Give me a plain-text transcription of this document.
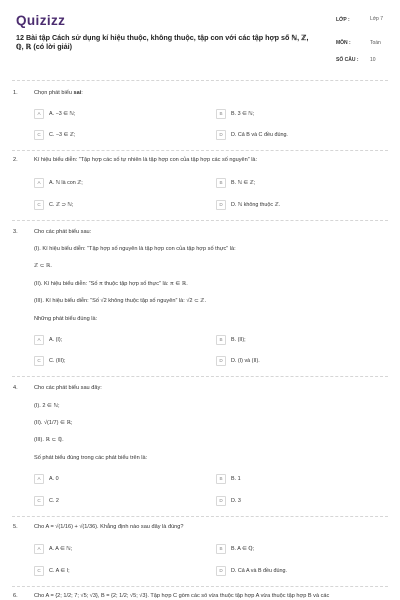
Quizizz
12 Bài tập Cách sử dụng kí hiệu thuộc, không thuộc, tập con với các tập hợp số ℕ, ℤ, ℚ, ℝ (có lời giải)
LỚP :	Lớp 7
MÔN :	Toán
SỐ CÂU : 10
1.	Chọn phát biểu sai:
A	A. −3 ∈ ℕ;	B	B. 3 ∈ ℕ;
C	C. −3 ∈ ℤ;	D	D. Cả B và C đều đúng.
2.	Kí hiệu biểu diễn: “Tập hợp các số tự nhiên là tập hợp con của tập hợp các số nguyên” là:
A	A. ℕ là con ℤ;	B	B. ℕ ∈ ℤ;
C	C. ℤ ⊃ ℕ;	D	D. ℕ không thuộc ℤ.
3.	Cho các phát biểu sau:
(I). Kí hiệu biểu diễn: “Tập hợp số nguyên là tập hợp con của tập hợp số thực” là:
ℤ ⊂ ℝ.
(II). Kí hiệu biểu diễn: “Số π thuộc tập hợp số thực” là: π ∈ ℝ.
(III). Kí hiệu biểu diễn: “Số √2 không thuộc tập số nguyên” là: √2 ⊂ ℤ.
Những phát biểu đúng là:
A	A. (I);	B	B. (II);
C	C. (III);	D	D. (I) và (II).
4.	Cho các phát biểu sau đây:
(I). 2 ∈ ℕ;
(II). √(1/7) ∈ ℝ;
(III). ℝ ⊂ ℚ.
Số phát biểu đúng trong các phát biểu trên là:
A	A. 0	B	B. 1
C	C. 2	D	D. 3
5.	Cho A = √(1/16) + √(1/36). Khẳng định nào sau đây là đúng?
A	A. A ∈ ℕ;	B	B. A ∈ ℚ;
C	C. A ∈ I;	D	D. Cả A và B đều đúng.
6.	Cho A = {2; 1/2; 7; √5; √3}, B = {2; 1/2; √5; √3}. Tập hợp C gồm các số vừa thuộc tập hợp A vừa thuộc tập hợp B và các
